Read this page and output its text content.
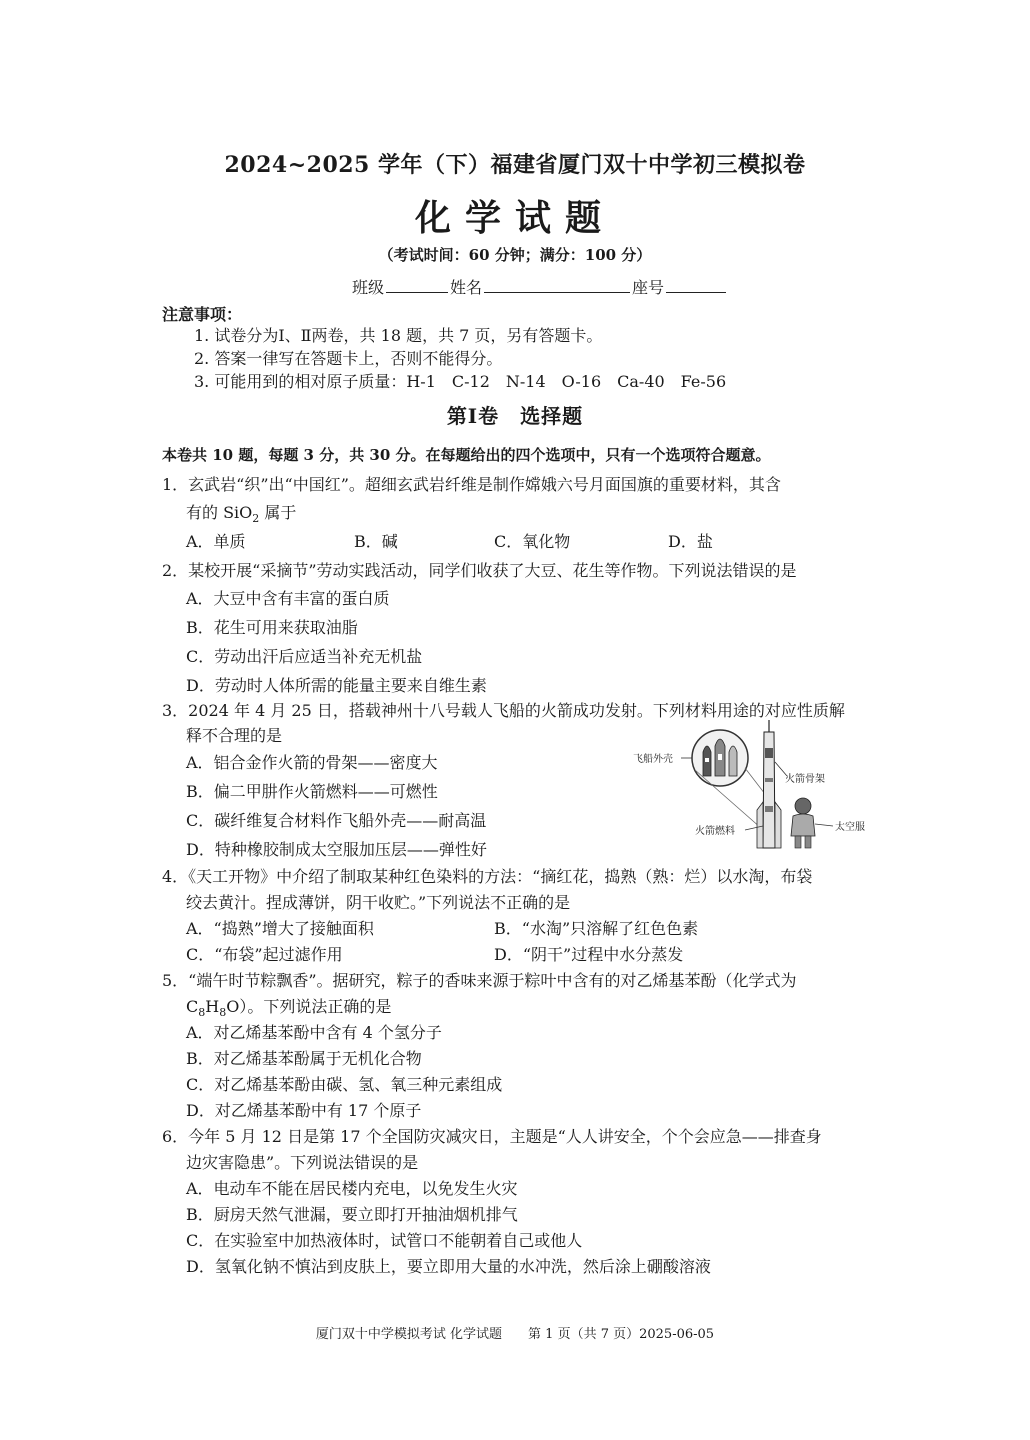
2024~2025 学年（下）福建省厦门双十中学初三模拟卷
化学试题
（考试时间：60 分钟；满分：100 分）
班级	姓名	座号
注意事项：
1. 试卷分为Ⅰ、Ⅱ两卷，共 18 题，共 7 页，另有答题卡。
2. 答案一律写在答题卡上，否则不能得分。
3. 可能用到的相对原子质量：H-1　C-12　N-14　O-16　Ca-40　Fe-56
第Ⅰ卷　选择题
本卷共 10 题，每题 3 分，共 30 分。在每题给出的四个选项中，只有一个选项符合题意。
1．玄武岩“织”出“中国红”。超细玄武岩纤维是制作嫦娥六号月面国旗的重要材料，其含
有的 SiO$_2$ 属于
A．单质	B．碱	C．氧化物	D．盐
2．某校开展“采摘节”劳动实践活动，同学们收获了大豆、花生等作物。下列说法错误的是
A．大豆中含有丰富的蛋白质
B．花生可用来获取油脂
C．劳动出汗后应适当补充无机盐
D．劳动时人体所需的能量主要来自维生素
3．2024 年 4 月 25 日，搭载神州十八号载人飞船的火箭成功发射。下列材料用途的对应性质解
释不合理的是
A．铝合金作火箭的骨架——密度大
B．偏二甲肼作火箭燃料——可燃性
C．碳纤维复合材料作飞船外壳——耐高温
D．特种橡胶制成太空服加压层——弹性好
飞船外壳
火箭骨架
火箭燃料	太空服
4．《天工开物》中介绍了制取某种红色染料的方法：“摘红花，捣熟（熟：烂）以水淘，布袋
绞去黄汁。捏成薄饼，阴干收贮。”下列说法不正确的是
A．“捣熟”增大了接触面积	B．“水淘”只溶解了红色色素
C．“布袋”起过滤作用	D．“阴干”过程中水分蒸发
5．“端午时节粽飘香”。据研究，粽子的香味来源于粽叶中含有的对乙烯基苯酚（化学式为
$C_8H_8O$）。下列说法正确的是
A．对乙烯基苯酚中含有 4 个氢分子
B．对乙烯基苯酚属于无机化合物
C．对乙烯基苯酚由碳、氢、氧三种元素组成
D．对乙烯基苯酚中有 17 个原子
6．今年 5 月 12 日是第 17 个全国防灾减灾日，主题是“人人讲安全，个个会应急——排查身
边灾害隐患”。下列说法错误的是
A．电动车不能在居民楼内充电，以免发生火灾
B．厨房天然气泄漏，要立即打开抽油烟机排气
C．在实验室中加热液体时，试管口不能朝着自己或他人
D．氢氧化钠不慎沾到皮肤上，要立即用大量的水冲洗，然后涂上硼酸溶液
厦门双十中学模拟考试 化学试题　　第 1 页（共 7 页）2025-06-05
